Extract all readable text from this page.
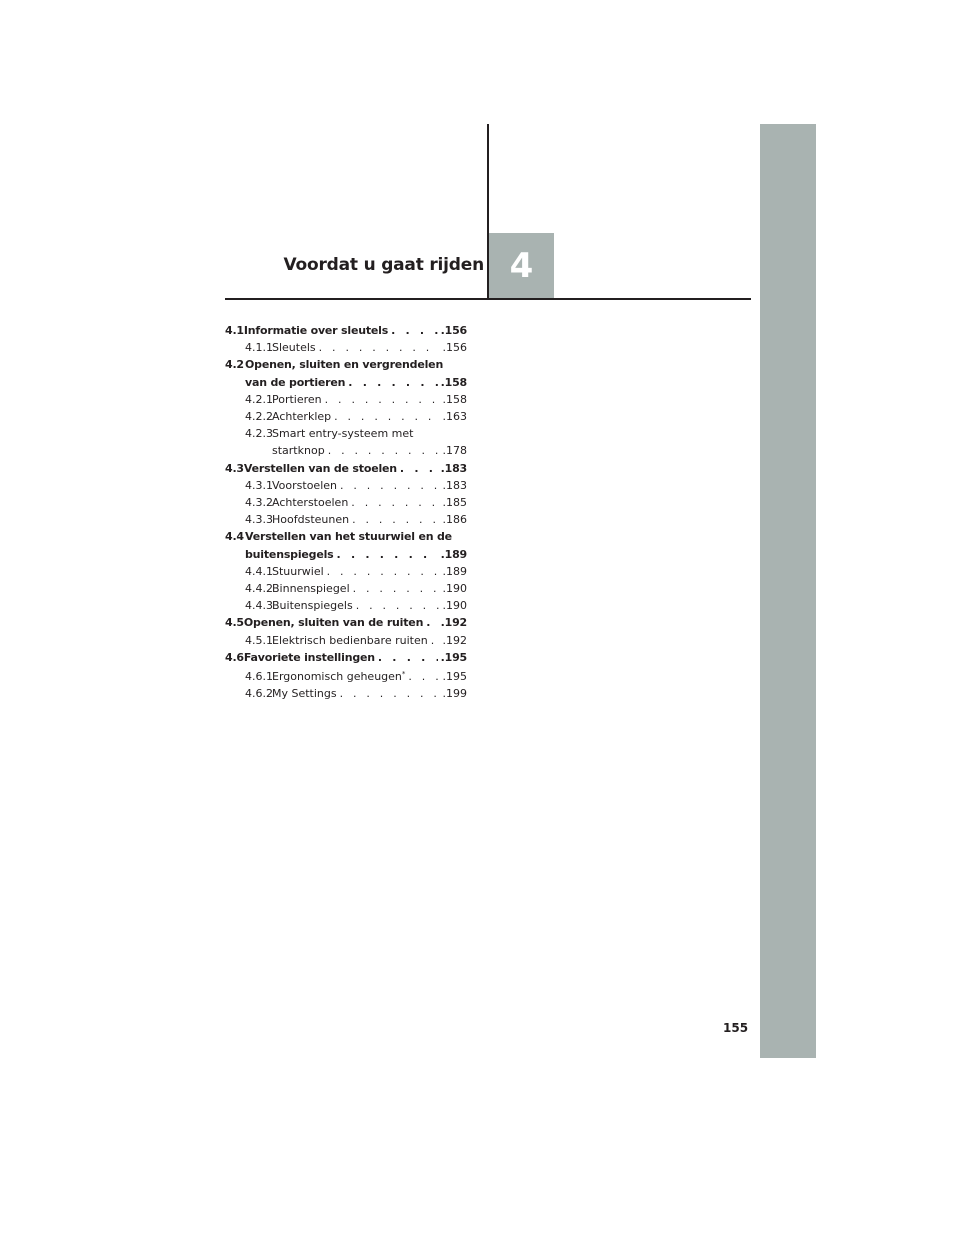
Voordat u gaat rijden 4
4.1 Informatie over sleutels . . .	.156
4.1.1 Sleutels . . .	.156
4.2 Openen, sluiten en vergrendelen
van de portieren . . .	.158
4.2.1 Portieren . . .	.158
4.2.2 Achterklep . . .	.163
4.2.3 Smart entry-systeem met
startknop . . .	.178
4.3 Verstellen van de stoelen . . .	.183
4.3.1 Voorstoelen . . .	.183
4.3.2 Achterstoelen . . .	.185
4.3.3 Hoofdsteunen . . .	.186
4.4 Verstellen van het stuurwiel en de
buitenspiegels . . .	.189
4.4.1 Stuurwiel . . .	.189
4.4.2 Binnenspiegel . . .	.190
4.4.3 Buitenspiegels . . .	.190
4.5 Openen, sluiten van de ruiten . . . .192
4.5.1 Elektrisch bedienbare ruiten . . . .192
4.6 Favoriete instellingen . . .	.195
4.6.1 Ergonomisch geheugen* . . .	.195
4.6.2 My Settings . . .	.199
155
